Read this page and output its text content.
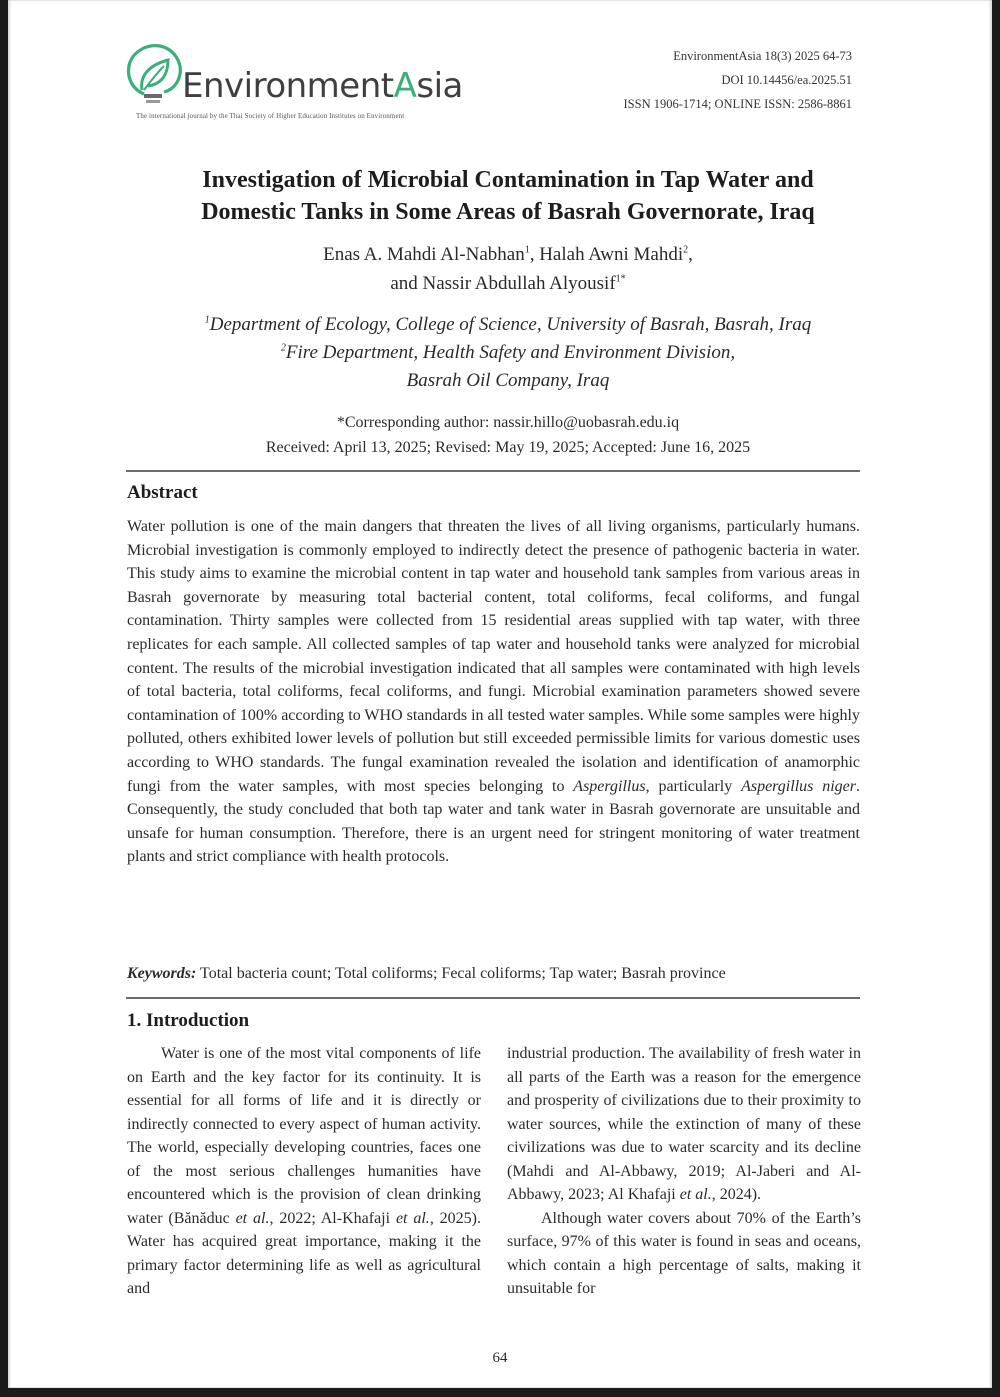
EnvironmentAsia
The international journal by the Thai Society of Higher Education Institutes on Environment
EnvironmentAsia 18(3) 2025 64-73
DOI 10.14456/ea.2025.51
ISSN 1906-1714; ONLINE ISSN: 2586-8861
Investigation of Microbial Contamination in Tap Water and
Domestic Tanks in Some Areas of Basrah Governorate, Iraq
Enas A. Mahdi Al-Nabhan$^1$, Halah Awni Mahdi$^2$,
and Nassir Abdullah Alyousif$^{1*}$
$^1$Department of Ecology, College of Science, University of Basrah, Basrah, Iraq
$^2$Fire Department, Health Safety and Environment Division,
Basrah Oil Company, Iraq
*Corresponding author: nassir.hillo@uobasrah.edu.iq
Received: April 13, 2025; Revised: May 19, 2025; Accepted: June 16, 2025
Abstract
Water pollution is one of the main dangers that threaten the lives of all living organisms, particularly humans. Microbial investigation is commonly employed to indirectly detect the presence of pathogenic bacteria in water. This study aims to examine the microbial content in tap water and household tank samples from various areas in Basrah governorate by measuring total bacterial content, total coliforms, fecal coliforms, and fungal contamination. Thirty samples were collected from 15 residential areas supplied with tap water, with three replicates for each sample. All collected samples of tap water and household tanks were analyzed for microbial content. The results of the microbial investigation indicated that all samples were contaminated with high levels of total bacteria, total coliforms, fecal coliforms, and fungi. Microbial examination parameters showed severe contamination of 100% according to WHO standards in all tested water samples. While some samples were highly polluted, others exhibited lower levels of pollution but still exceeded permissible limits for various domestic uses according to WHO standards. The fungal examination revealed the isolation and identification of anamorphic fungi from the water samples, with most species belonging to Aspergillus, particularly Aspergillus niger. Consequently, the study concluded that both tap water and tank water in Basrah governorate are unsuitable and unsafe for human consumption. Therefore, there is an urgent need for stringent monitoring of water treatment plants and strict compliance with health protocols.
Keywords: Total bacteria count; Total coliforms; Fecal coliforms; Tap water; Basrah province
1. Introduction

Water is one of the most vital components of life on Earth and the key factor for its continuity. It is essential for all forms of life and it is directly or indirectly connected to every aspect of human activity. The world, especially developing countries, faces one of the most serious challenges humanities have encountered which is the provision of clean drinking water (Bănăduc et al., 2022; Al-Khafaji et al., 2025). Water has acquired great importance, making it the primary factor determining life as well as agricultural and

industrial production. The availability of fresh water in all parts of the Earth was a reason for the emergence and prosperity of civilizations due to their proximity to water sources, while the extinction of many of these civilizations was due to water scarcity and its decline (Mahdi and Al-Abbawy, 2019; Al-Jaberi and Al-Abbawy, 2023; Al Khafaji et al., 2024).

Although water covers about 70% of the Earth’s surface, 97% of this water is found in seas and oceans, which contain a high percentage of salts, making it unsuitable for

64
